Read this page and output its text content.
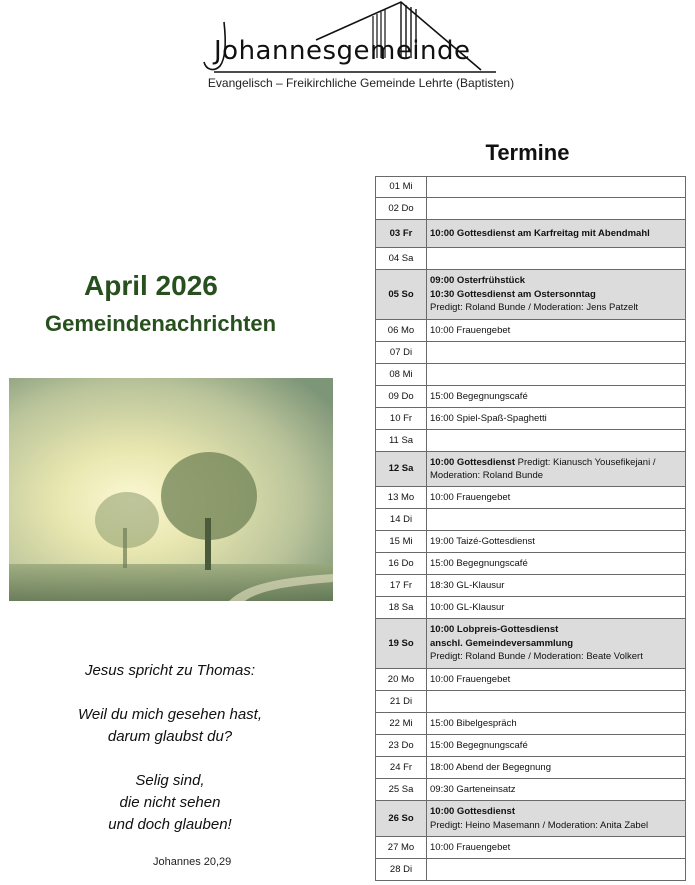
Johannesgemeinde
Evangelisch – Freikirchliche Gemeinde Lehrte (Baptisten)
April 2026
Gemeindenachrichten
Jesus spricht zu Thomas:
Weil du mich gesehen hast,
darum glaubst du?
Selig sind,
die nicht sehen
und doch glauben!
Johannes 20,29
Termine
01 Mi	
02 Do	
03 Fr	10:00 Gottesdienst am Karfreitag mit Abendmahl

04 Sa	
05 So	09:00 Osterfrühstück
10:30 Gottesdienst am Ostersonntag
Predigt: Roland Bunde / Moderation: Jens Patzelt

06 Mo	10:00 Frauengebet

07 Di	
08 Mi	
09 Do	15:00 Begegnungscafé

10 Fr	16:00 Spiel-Spaß-Spaghetti

11 Sa	
12 Sa	10:00 Gottesdienst Predigt: Kianusch Yousefikejani /
Moderation: Roland Bunde

13 Mo	10:00 Frauengebet

14 Di	
15 Mi	19:00 Taizé-Gottesdienst

16 Do	15:00 Begegnungscafé

17 Fr	18:30 GL-Klausur

18 Sa	10:00 GL-Klausur

19 So	10:00 Lobpreis-Gottesdienst
anschl. Gemeindeversammlung
Predigt: Roland Bunde / Moderation: Beate Volkert

20 Mo	10:00 Frauengebet

21 Di	
22 Mi	15:00 Bibelgespräch

23 Do	15:00 Begegnungscafé

24 Fr	18:00 Abend der Begegnung

25 Sa	09:30 Garteneinsatz

26 So	10:00 Gottesdienst
Predigt: Heino Masemann / Moderation: Anita Zabel

27 Mo	10:00 Frauengebet

28 Di	
